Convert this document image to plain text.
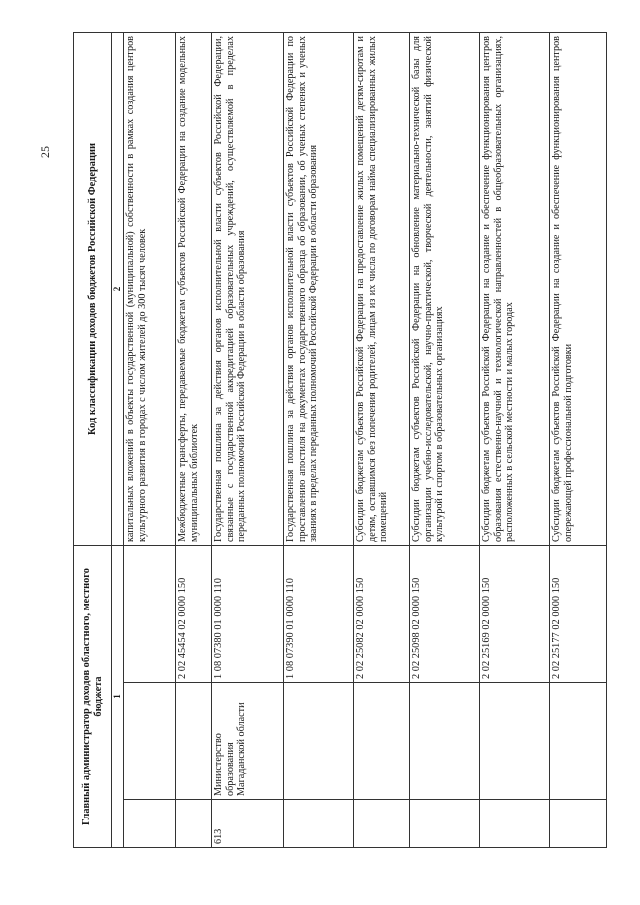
25
Главный администратор доходов областного, местного бюджета			Код классификации доходов бюджетов Российской Федерации
1			2
			капитальных вложений в объекты государственной (муниципальной) собственности в рамках создания центров культурного развития в городах с числом жителей до 300 тысяч человек
		2 02 45454 02 0000 150	Межбюджетные трансферты, передаваемые бюджетам субъектов Российской Федерации на создание модельных муниципальных библиотек
613	Министерство образования Магаданской области	1 08 07380 01 0000 110	Государственная пошлина за действия органов исполнительной власти субъектов Российской Федерации, связанные с государственной аккредитацией образовательных учреждений, осуществляемой в пределах переданных полномочий Российской Федерации в области образования
		1 08 07390 01 0000 110	Государственная пошлина за действия органов исполнительной власти субъектов Российской Федерации по проставлению апостиля на документах государственного образца об образовании, об ученых степенях и ученых званиях в пределах переданных полномочий Российской Федерации в области образования
		2 02 25082 02 0000 150	Субсидии бюджетам субъектов Российской Федерации на предоставление жилых помещений детям-сиротам и детям, оставшимся без попечения родителей, лицам из их числа по договорам найма специализированных жилых помещений
		2 02 25098 02 0000 150	Субсидии бюджетам субъектов Российской Федерации на обновление материально-технической базы для организации учебно-исследовательской, научно-практической, творческой деятельности, занятий физической культурой и спортом в образовательных организациях
		2 02 25169 02 0000 150	Субсидии бюджетам субъектов Российской Федерации на создание и обеспечение функционирования центров образования естественно-научной и технологической направленностей в общеобразовательных организациях, расположенных в сельской местности и малых городах
		2 02 25177 02 0000 150	Субсидии бюджетам субъектов Российской Федерации на создание и обеспечение функционирования центров опережающей профессиональной подготовки
